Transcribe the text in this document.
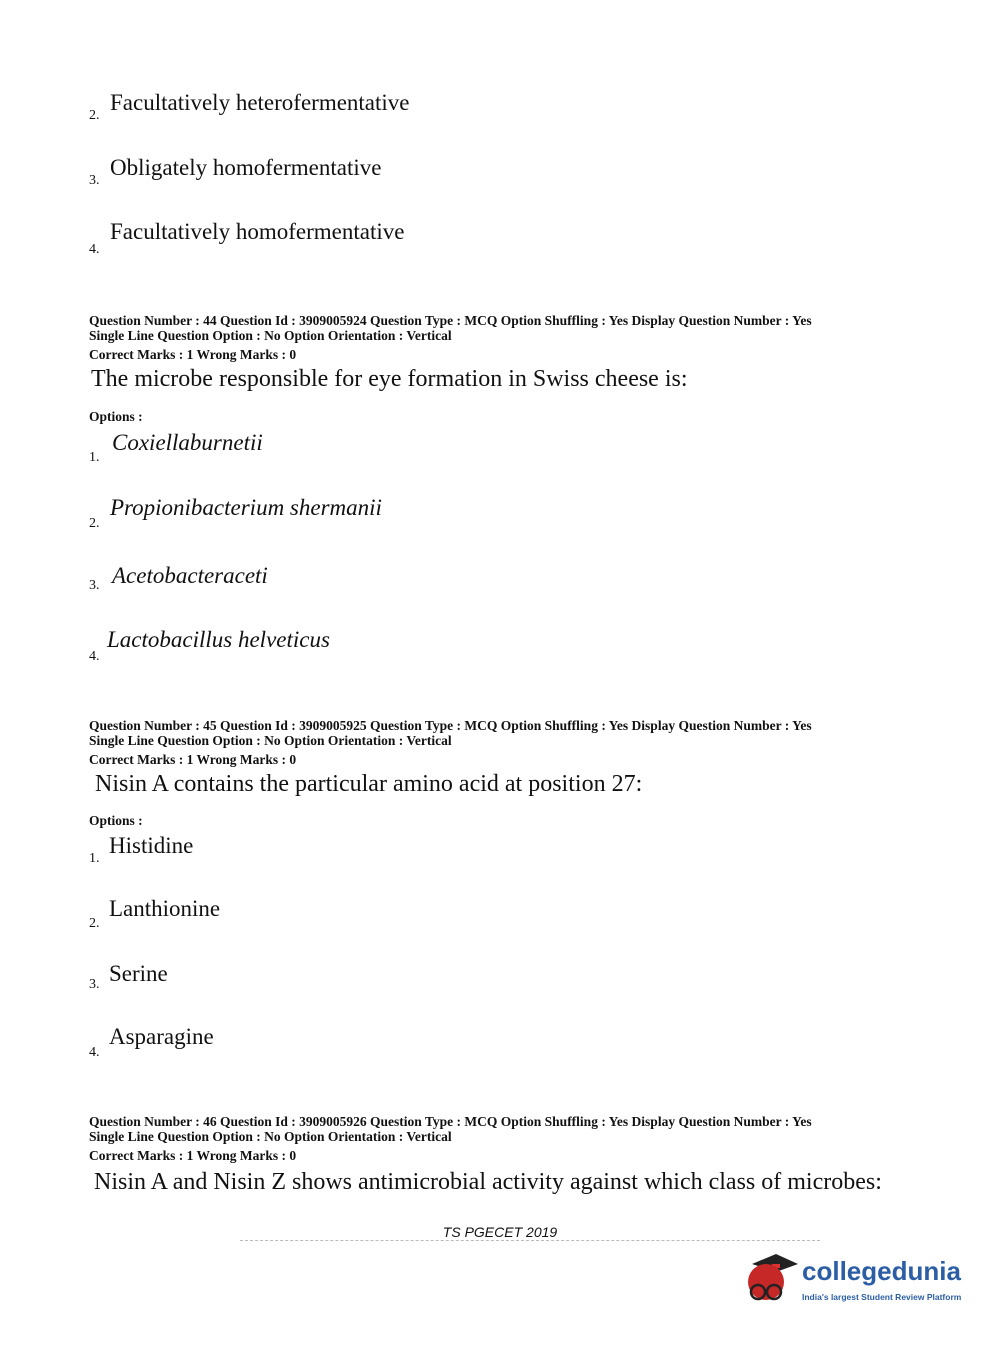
2.
Facultatively heterofermentative
3.
Obligately homofermentative
4.
Facultatively homofermentative
Question Number : 44 Question Id : 3909005924 Question Type : MCQ Option Shuffling : Yes Display Question Number : Yes
Single Line Question Option : No Option Orientation : Vertical
Correct Marks : 1 Wrong Marks : 0
The microbe responsible for eye formation in Swiss cheese is:
Options :
1.
Coxiellaburnetii
2.
Propionibacterium shermanii
3. Acetobacteraceti
4.
Lactobacillus helveticus
Question Number : 45 Question Id : 3909005925 Question Type : MCQ Option Shuffling : Yes Display Question Number : Yes
Single Line Question Option : No Option Orientation : Vertical
Correct Marks : 1 Wrong Marks : 0
Nisin A contains the particular amino acid at position 27:
Options :
1.
Histidine
2.
Lanthionine
3. Serine
4.
Asparagine
Question Number : 46 Question Id : 3909005926 Question Type : MCQ Option Shuffling : Yes Display Question Number : Yes
Single Line Question Option : No Option Orientation : Vertical
Correct Marks : 1 Wrong Marks : 0
Nisin A and Nisin Z shows antimicrobial activity against which class of microbes:
TS PGECET 2019
collegedunia
India's largest Student Review Platform
